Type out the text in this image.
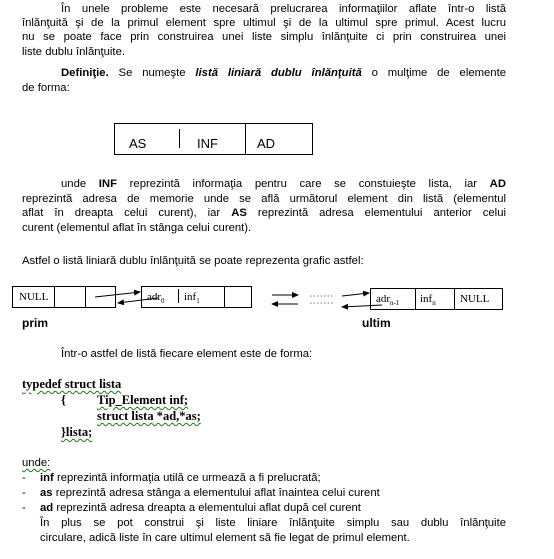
În unele probleme este necesară prelucrarea informaţiilor aflate într-o listă
înlănţuită şi de la primul element spre ultimul şi de la ultimul spre primul. Acest lucru
nu se poate face prin construirea unei liste simplu înlănţuite ci prin construirea unei
liste dublu înlănţuite.
Definiţie. Se numeşte listă liniară dublu înlănţuită o mulţime de elemente
de forma:
AS	INF	AD
unde INF reprezintă informaţia pentru care se constuieşte lista, iar AD
reprezintă adresa de memorie unde se află următorul element din listă (elementul
aflat în dreapta celui curent), iar AS reprezintă adresa elementului anterior celui
curent (elementul aflat în stânga celui curent).
Astfel o listă liniară dublu înlănţuită se poate reprezenta grafic astfel:
NULL	adr$_0$ inf$_1$	adr$_{n-1}$ inf$_n$ NULL
prim	ultim
Într-o astfel de listă fiecare element este de forma:
typedef struct lista
{ Tip_Element inf;
struct lista *ad,*as;
}lista;
unde:
- inf reprezintă informaţia utilă ce urmează a fi prelucrată;
- as reprezintă adresa stânga a elementului aflat înaintea celui curent
- ad reprezintă adresa dreapta a elementului aflat după cel curent
În plus se pot construi şi liste liniare înlănţuite simplu sau dublu înlănţuite
circulare, adică liste în care ultimul element să fie legat de primul element.
